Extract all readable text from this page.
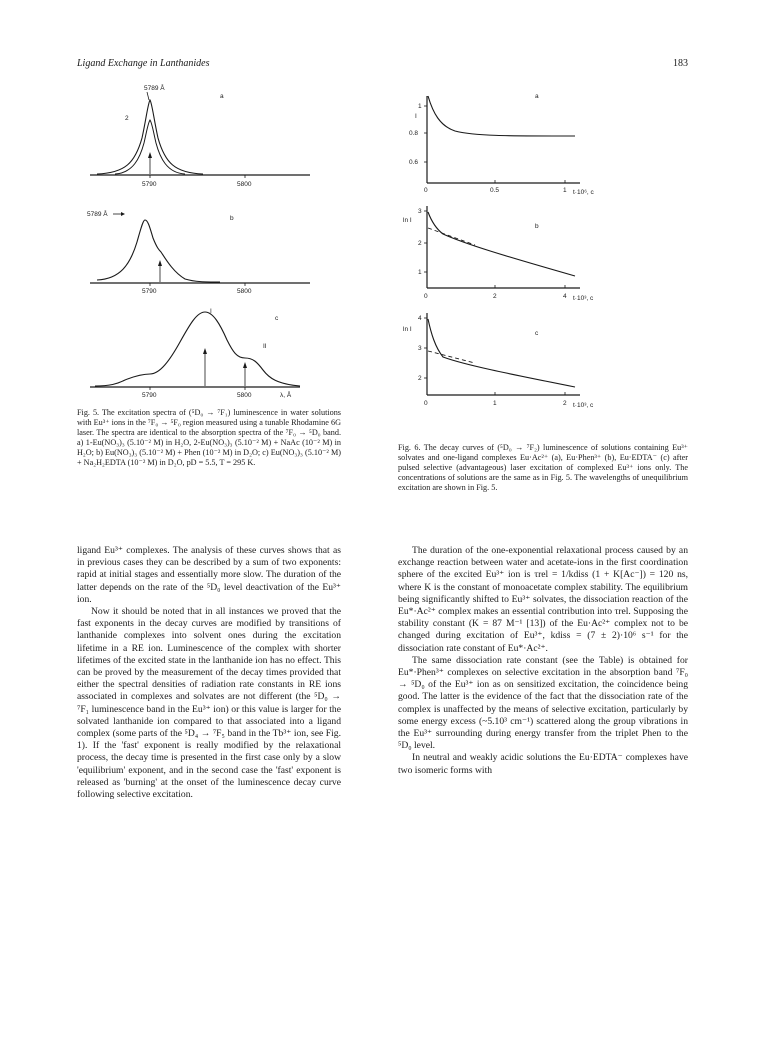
Ligand Exchange in Lanthanides	183
5789 Å
a
2
5790	5800
5789 Å
b
5790	5800
c
I
II
5790	5800	λ, Å
Fig. 5. The excitation spectra of (⁵D₀ → ⁷F₁) luminescence in water solutions with Eu³⁺ ions in the ⁷F₀ → ⁵F₀ region measured using a tunable Rhodamine 6G laser. The spectra are identical to the absorption spectra of the ⁷F₀ → ⁵D₀ band. a) 1-Eu(NO₃)₃ (5.10⁻² M) in H₂O, 2-Eu(NO₃)₃ (5.10⁻² M) + NaAc (10⁻² M) in H₂O; b) Eu(NO₃)₃ (5.10⁻² M) + Phen (10⁻² M) in D₂O; c) Eu(NO₃)₃ (5.10⁻² M) + Na₂H₂EDTA (10⁻² M) in D₂O, pD = 5.5, T = 295 K.
a
I
1
0.8
0.6
0	0.5	1 t·10⁶, c
b
ln I
3
2
1
0	2	4 t·10³, c
c
ln I
4
3
2
0	1	2 t·10³, c
Fig. 6. The decay curves of (⁵D₀ → ⁷F₂) luminescence of solutions containing Eu³⁺ solvates and one-ligand complexes Eu·Ac²⁺ (a), Eu·Phen³⁺ (b), Eu·EDTA⁻ (c) after pulsed selective (advantageous) laser excitation of complexed Eu³⁺ ions only. The concentrations of solutions are the same as in Fig. 5. The wavelengths of unequilibrium excitation are shown in Fig. 5.

ligand Eu³⁺ complexes. The analysis of these curves shows that as in previous cases they can be described by a sum of two exponents: rapid at initial stages and essentially more slow. The duration of the latter depends on the rate of the ⁵D₀ level deactivation of the Eu³⁺ ion.

Now it should be noted that in all instances we proved that the fast exponents in the decay curves are modified by transitions of lanthanide complexes into solvent ones during the excitation lifetime in a RE ion. Luminescence of the complex with shorter lifetimes of the excited state in the lanthanide ion has no effect. This can be proved by the measurement of the decay times provided that either the spectral densities of radiation rate constants in RE ions associated in complexes and solvates are not different (the ⁵D₀ → ⁷F₁ luminescence band in the Eu³⁺ ion) or this value is larger for the solvated lanthanide ion compared to that associated into a ligand complex (some parts of the ⁵D₄ → ⁷F₅ band in the Tb³⁺ ion, see Fig. 1). If the 'fast' exponent is really modified by the relaxational process, the decay time is presented in the first case only by a slow 'equilibrium' exponent, and in the second case the 'fast' exponent is released as 'burning' at the onset of the luminescence decay curve following selective excitation.

The duration of the one-exponential relaxational process caused by an exchange reaction between water and acetate-ions in the first coordination sphere of the excited Eu³⁺ ion is τrel = 1/kdiss (1 + K[Ac⁻]) = 120 ns, where K is the constant of monoacetate complex stability. The equilibrium being significantly shifted to Eu³⁺ solvates, the dissociation reaction of the Eu*·Ac²⁺ complex makes an essential contribution into τrel. Supposing the stability constant (K = 87 M⁻¹ [13]) of the Eu·Ac²⁺ complex not to be changed during excitation of Eu³⁺, kdiss = (7 ± 2)·10⁶ s⁻¹ for the dissociation rate constant of Eu*·Ac²⁺.

The same dissociation rate constant (see the Table) is obtained for Eu*·Phen³⁺ complexes on selective excitation in the absorption band ⁷F₀ → ⁵D₀ of the Eu³⁺ ion as on sensitized excitation, the coincidence being good. The latter is the evidence of the fact that the dissociation rate of the complex is unaffected by the means of selective excitation, particularly by some energy excess (~5.10³ cm⁻¹) scattered along the group vibrations in the Eu³⁺ surrounding during energy transfer from the triplet Phen to the ⁵D₀ level.

In neutral and weakly acidic solutions the Eu·EDTA⁻ complexes have two isomeric forms with
